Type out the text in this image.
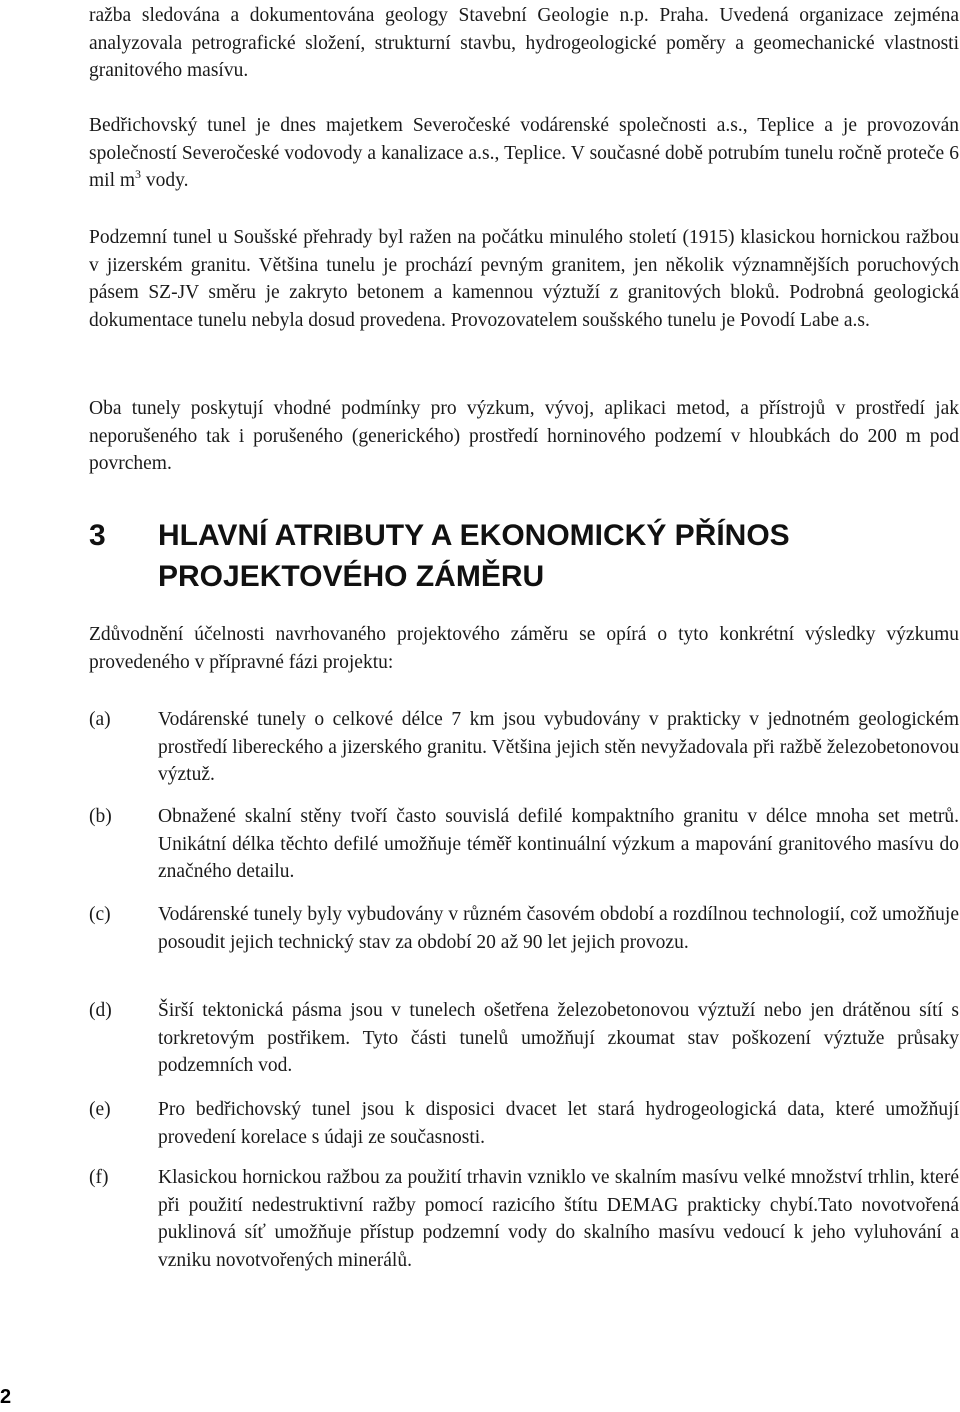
ražba sledována a dokumentována geology Stavební Geologie n.p. Praha. Uvedená organizace zejména analyzovala petrografické složení, strukturní stavbu, hydrogeologické poměry a geomechanické vlastnosti granitového masívu.

Bedřichovský tunel je dnes majetkem Severočeské vodárenské společnosti a.s., Teplice a je provozován společností Severočeské vodovody a kanalizace a.s., Teplice. V současné době potrubím tunelu ročně proteče 6 mil $m^3$ vody.

Podzemní tunel u Soušské přehrady byl ražen na počátku minulého století (1915) klasickou hornickou ražbou v jizerském granitu. Většina tunelu je prochází pevným granitem, jen několik významnějších poruchových pásem SZ-JV směru je zakryto betonem a kamennou výztuží z granitových bloků. Podrobná geologická dokumentace tunelu nebyla dosud provedena. Provozovatelem soušského tunelu je Povodí Labe a.s.

Oba tunely poskytují vhodné podmínky pro výzkum, vývoj, aplikaci metod, a přístrojů v prostředí jak neporušeného tak i porušeného (generického) prostředí horninového podzemí v hloubkách do 200 m pod povrchem.

3	HLAVNÍ ATRIBUTY A EKONOMICKÝ PŘÍNOS
PROJEKTOVÉHO ZÁMĚRU

Zdůvodnění účelnosti navrhovaného projektového záměru se opírá o tyto konkrétní výsledky výzkumu provedeného v přípravné fázi projektu:

(a)	Vodárenské tunely o celkové délce 7 km jsou vybudovány v prakticky v jednotném geologickém prostředí libereckého a jizerského granitu. Většina jejich stěn nevyžadovala při ražbě železobetonovou výztuž.

(b)	Obnažené skalní stěny tvoří často souvislá defilé kompaktního granitu v délce mnoha set metrů. Unikátní délka těchto defilé umožňuje téměř kontinuální výzkum a mapování granitového masívu do značného detailu.

(c)	Vodárenské tunely byly vybudovány v různém časovém období a rozdílnou technologií, což umožňuje posoudit jejich technický stav za období 20 až 90 let jejich provozu.

(d)	Širší tektonická pásma jsou v tunelech ošetřena železobetonovou výztuží nebo jen drátěnou sítí s torkretovým postřikem. Tyto části tunelů umožňují zkoumat stav poškození výztuže průsaky podzemních vod.

(e)	Pro bedřichovský tunel jsou k disposici dvacet let stará hydrogeologická data, které umožňují provedení korelace s údaji ze současnosti.

(f)	Klasickou hornickou ražbou za použití trhavin vzniklo ve skalním masívu velké množství trhlin, které při použití nedestruktivní ražby pomocí razicího štítu DEMAG prakticky chybí.Tato novotvořená puklinová síť umožňuje přístup podzemní vody do skalního masívu vedoucí k jeho vyluhování a vzniku novotvořených minerálů.

2
